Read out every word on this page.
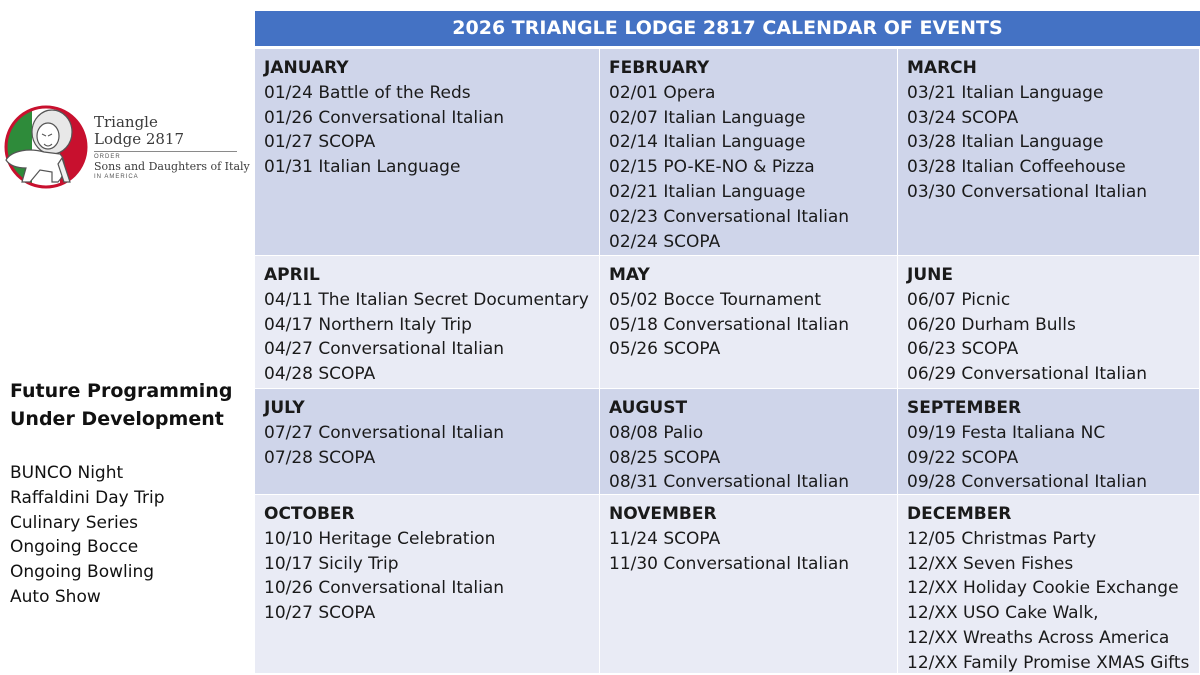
Triangle
Lodge 2817
ORDER
Sons and Daughters of Italy
IN AMERICA
Future Programming Under Development
BUNCO Night
Raffaldini Day Trip
Culinary Series
Ongoing Bocce
Ongoing Bowling
Auto Show
2026 TRIANGLE LODGE 2817 CALENDAR OF EVENTS
JANUARY
01/24 Battle of the Reds
01/26 Conversational Italian
01/27 SCOPA
01/31 Italian Language
FEBRUARY
02/01 Opera
02/07 Italian Language
02/14 Italian Language
02/15 PO-KE-NO & Pizza
02/21 Italian Language
02/23 Conversational Italian
02/24 SCOPA
MARCH
03/21 Italian Language
03/24 SCOPA
03/28 Italian Language
03/28 Italian Coffeehouse
03/30 Conversational Italian
APRIL
04/11 The Italian Secret Documentary
04/17 Northern Italy Trip
04/27 Conversational Italian
04/28 SCOPA
MAY
05/02 Bocce Tournament
05/18 Conversational Italian
05/26 SCOPA
JUNE
06/07 Picnic
06/20 Durham Bulls
06/23 SCOPA
06/29 Conversational Italian
JULY
07/27 Conversational Italian
07/28 SCOPA
AUGUST
08/08 Palio
08/25 SCOPA
08/31 Conversational Italian
SEPTEMBER
09/19 Festa Italiana NC
09/22 SCOPA
09/28 Conversational Italian
OCTOBER
10/10 Heritage Celebration
10/17 Sicily Trip
10/26 Conversational Italian
10/27 SCOPA
NOVEMBER
11/24 SCOPA
11/30 Conversational Italian
DECEMBER
12/05 Christmas Party
12/XX Seven Fishes
12/XX Holiday Cookie Exchange
12/XX USO Cake Walk,
12/XX Wreaths Across America
12/XX Family Promise XMAS Gifts
